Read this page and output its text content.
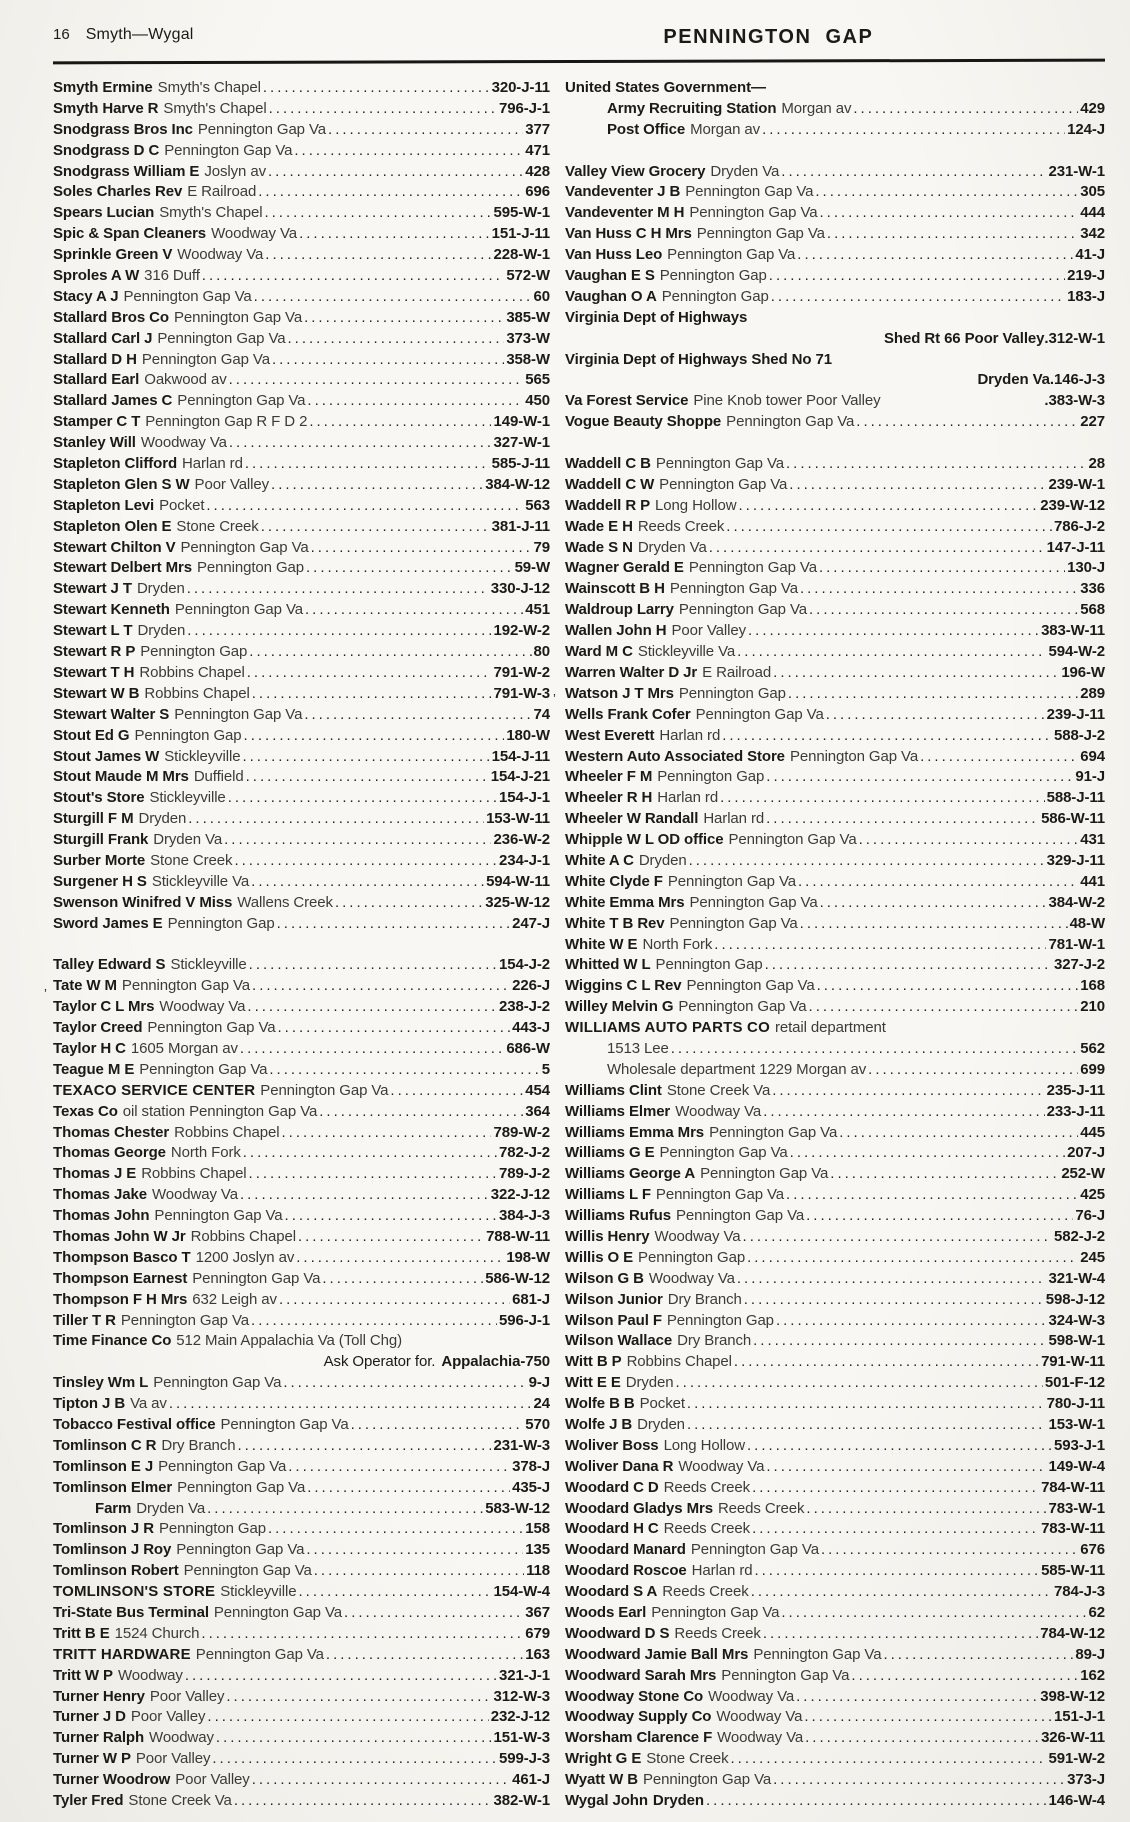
16 Smyth—Wygal	PENNINGTON GAP
Smyth Ermine Smyth's Chapel .....	320-J-11
Smyth Harve R Smyth's Chapel .....	796-J-1
Snodgrass Bros Inc Pennington Gap Va .....	377
Snodgrass D C Pennington Gap Va .....	471
Snodgrass William E Joslyn av .....	428
Soles Charles Rev E Railroad .....	696
Spears Lucian Smyth's Chapel .....	595-W-1
Spic & Span Cleaners Woodway Va .....	151-J-11
Sprinkle Green V Woodway Va .....	228-W-1
Sproles A W 316 Duff .....	572-W
Stacy A J Pennington Gap Va .....	60
Stallard Bros Co Pennington Gap Va .....	385-W
Stallard Carl J Pennington Gap Va .....	373-W
Stallard D H Pennington Gap Va .....	358-W
Stallard Earl Oakwood av .....	565
Stallard James C Pennington Gap Va .....	450
Stamper C T Pennington Gap R F D 2 .....	149-W-1
Stanley Will Woodway Va .....	327-W-1
Stapleton Clifford Harlan rd .....	585-J-11
Stapleton Glen S W Poor Valley .....	384-W-12
Stapleton Levi Pocket .....	563
Stapleton Olen E Stone Creek .....	381-J-11
Stewart Chilton V Pennington Gap Va .....	79
Stewart Delbert Mrs Pennington Gap .....	59-W
Stewart J T Dryden .....	330-J-12
Stewart Kenneth Pennington Gap Va .....	451
Stewart L T Dryden .....	192-W-2
Stewart R P Pennington Gap .....	80
Stewart T H Robbins Chapel .....	791-W-2
Stewart W B Robbins Chapel .....	791-W-3
Stewart Walter S Pennington Gap Va .....	74
Stout Ed G Pennington Gap .....	180-W
Stout James W Stickleyville .....	154-J-11
Stout Maude M Mrs Duffield .....	154-J-21
Stout's Store Stickleyville .....	154-J-1
Sturgill F M Dryden .....	153-W-11
Sturgill Frank Dryden Va .....	236-W-2
Surber Morte Stone Creek .....	234-J-1
Surgener H S Stickleyville Va .....	594-W-11
Swenson Winifred V Miss Wallens Creek .....	325-W-12
Sword James E Pennington Gap .....	247-J
Talley Edward S Stickleyville .....	154-J-2
Tate W M Pennington Gap Va .....	226-J
Taylor C L Mrs Woodway Va .....	238-J-2
Taylor Creed Pennington Gap Va .....	443-J
Taylor H C 1605 Morgan av .....	686-W
Teague M E Pennington Gap Va .....	5
TEXACO SERVICE CENTER Pennington Gap Va .....	454
Texas Co oil station Pennington Gap Va .....	364
Thomas Chester Robbins Chapel .....	789-W-2
Thomas George North Fork .....	782-J-2
Thomas J E Robbins Chapel .....	789-J-2
Thomas Jake Woodway Va .....	322-J-12
Thomas John Pennington Gap Va .....	384-J-3
Thomas John W Jr Robbins Chapel .....	788-W-11
Thompson Basco T 1200 Joslyn av .....	198-W
Thompson Earnest Pennington Gap Va .....	586-W-12
Thompson F H Mrs 632 Leigh av .....	681-J
Tiller T R Pennington Gap Va .....	596-J-1
Time Finance Co 512 Main Appalachia Va (Toll Chg)
Ask Operator for. Appalachia-750
Tinsley Wm L Pennington Gap Va .....	9-J
Tipton J B Va av .....	24
Tobacco Festival office Pennington Gap Va .....	570
Tomlinson C R Dry Branch .....	231-W-3
Tomlinson E J Pennington Gap Va .....	378-J
Tomlinson Elmer Pennington Gap Va .....	435-J
Farm Dryden Va .....	583-W-12
Tomlinson J R Pennington Gap .....	158
Tomlinson J Roy Pennington Gap Va .....	135
Tomlinson Robert Pennington Gap Va .....	118
TOMLINSON'S STORE Stickleyville .....	154-W-4
Tri-State Bus Terminal Pennington Gap Va .....	367
Tritt B E 1524 Church .....	679
TRITT HARDWARE Pennington Gap Va .....	163
Tritt W P Woodway .....	321-J-1
Turner Henry Poor Valley .....	312-W-3
Turner J D Poor Valley .....	232-J-12
Turner Ralph Woodway .....	151-W-3
Turner W P Poor Valley .....	599-J-3
Turner Woodrow Poor Valley .....	461-J
Tyler Fred Stone Creek Va .....	382-W-1
United States Government—
Army Recruiting Station Morgan av .....	429
Post Office Morgan av .....	124-J
Valley View Grocery Dryden Va .....	231-W-1
Vandeventer J B Pennington Gap Va .....	305
Vandeventer M H Pennington Gap Va .....	444
Van Huss C H Mrs Pennington Gap Va .....	342
Van Huss Leo Pennington Gap Va .....	41-J
Vaughan E S Pennington Gap .....	219-J
Vaughan O A Pennington Gap .....	183-J
Virginia Dept of Highways
Shed Rt 66 Poor Valley .312-W-1
Virginia Dept of Highways Shed No 71
Dryden Va .146-J-3
Va Forest Service Pine Knob tower Poor Valley	.383-W-3
Vogue Beauty Shoppe Pennington Gap Va .....	227
Waddell C B Pennington Gap Va .....	28
Waddell C W Pennington Gap Va .....	239-W-1
Waddell R P Long Hollow .....	239-W-12
Wade E H Reeds Creek .....	786-J-2
Wade S N Dryden Va .....	147-J-11
Wagner Gerald E Pennington Gap Va .....	130-J
Wainscott B H Pennington Gap Va .....	336
Waldroup Larry Pennington Gap Va .....	568
Wallen John H Poor Valley .....	383-W-11
Ward M C Stickleyville Va .....	594-W-2
Warren Walter D Jr E Railroad .....	196-W
Watson J T Mrs Pennington Gap .....	289
Wells Frank Cofer Pennington Gap Va .....	239-J-11
West Everett Harlan rd .....	588-J-2
Western Auto Associated Store Pennington Gap Va .....	694
Wheeler F M Pennington Gap .....	91-J
Wheeler R H Harlan rd .....	588-J-11
Wheeler W Randall Harlan rd .....	586-W-11
Whipple W L OD office Pennington Gap Va .....	431
White A C Dryden .....	329-J-11
White Clyde F Pennington Gap Va .....	441
White Emma Mrs Pennington Gap Va .....	384-W-2
White T B Rev Pennington Gap Va .....	48-W
White W E North Fork .....	781-W-1
Whitted W L Pennington Gap .....	327-J-2
Wiggins C L Rev Pennington Gap Va .....	168
Willey Melvin G Pennington Gap Va .....	210
WILLIAMS AUTO PARTS CO retail department
1513 Lee .....	562
Wholesale department 1229 Morgan av .....	699
Williams Clint Stone Creek Va .....	235-J-11
Williams Elmer Woodway Va .....	233-J-11
Williams Emma Mrs Pennington Gap Va .....	445
Williams G E Pennington Gap Va .....	207-J
Williams George A Pennington Gap Va .....	252-W
Williams L F Pennington Gap Va .....	425
Williams Rufus Pennington Gap Va .....	76-J
Willis Henry Woodway Va .....	582-J-2
Willis O E Pennington Gap .....	245
Wilson G B Woodway Va .....	321-W-4
Wilson Junior Dry Branch .....	598-J-12
Wilson Paul F Pennington Gap .....	324-W-3
Wilson Wallace Dry Branch .....	598-W-1
Witt B P Robbins Chapel .....	791-W-11
Witt E E Dryden .....	501-F-12
Wolfe B B Pocket .....	780-J-11
Wolfe J B Dryden .....	153-W-1
Woliver Boss Long Hollow .....	593-J-1
Woliver Dana R Woodway Va .....	149-W-4
Woodard C D Reeds Creek .....	784-W-11
Woodard Gladys Mrs Reeds Creek .....	783-W-1
Woodard H C Reeds Creek .....	783-W-11
Woodard Manard Pennington Gap Va .....	676
Woodard Roscoe Harlan rd .....	585-W-11
Woodard S A Reeds Creek .....	784-J-3
Woods Earl Pennington Gap Va .....	62
Woodward D S Reeds Creek .....	784-W-12
Woodward Jamie Ball Mrs Pennington Gap Va .....	89-J
Woodward Sarah Mrs Pennington Gap Va .....	162
Woodway Stone Co Woodway Va .....	398-W-12
Woodway Supply Co Woodway Va .....	151-J-1
Worsham Clarence F Woodway Va .....	326-W-11
Wright G E Stone Creek .....	591-W-2
Wyatt W B Pennington Gap Va .....	373-J
Wygal John Dryden .....	146-W-4
’
’
